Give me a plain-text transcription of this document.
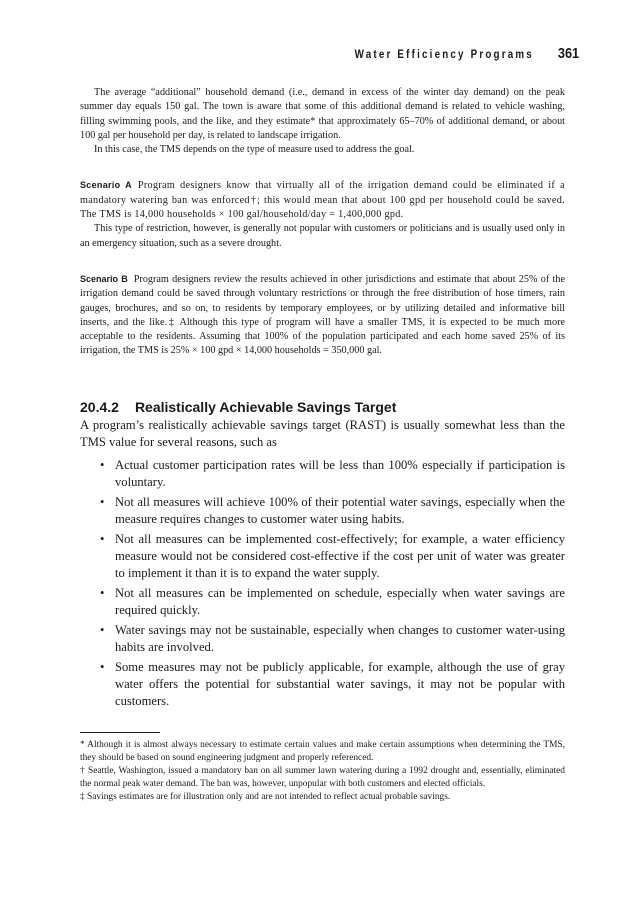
Water Efficiency Programs 361

The average “additional” household demand (i.e., demand in excess of the winter day demand) on the peak summer day equals 150 gal. The town is aware that some of this additional demand is related to vehicle washing, filling swimming pools, and the like, and they estimate* that approximately 65–70% of additional demand, or about 100 gal per household per day, is related to landscape irrigation.

In this case, the TMS depends on the type of measure used to address the goal.

Scenario A Program designers know that virtually all of the irrigation demand could be eliminated if a mandatory watering ban was enforced†; this would mean that about 100 gpd per household could be saved. The TMS is 14,000 households × 100 gal/household/day = 1,400,000 gpd.

This type of restriction, however, is generally not popular with customers or politicians and is usually used only in an emergency situation, such as a severe drought.

Scenario B Program designers review the results achieved in other jurisdictions and estimate that about 25% of the irrigation demand could be saved through voluntary restrictions or through the free distribution of hose timers, rain gauges, brochures, and so on, to residents by temporary employees, or by utilizing detailed and informative bill inserts, and the like.‡ Although this type of program will have a smaller TMS, it is expected to be much more acceptable to the residents. Assuming that 100% of the population participated and each home saved 25% of its irrigation, the TMS is 25% × 100 gpd × 14,000 households = 350,000 gal.

20.4.2 Realistically Achievable Savings Target

A program’s realistically achievable savings target (RAST) is usually somewhat less than the TMS value for several reasons, such as

• Actual customer participation rates will be less than 100% especially if participation is voluntary.
• Not all measures will achieve 100% of their potential water savings, especially when the measure requires changes to customer water using habits.
• Not all measures can be implemented cost-effectively; for example, a water efficiency measure would not be considered cost-effective if the cost per unit of water was greater to implement it than it is to expand the water supply.
• Not all measures can be implemented on schedule, especially when water savings are required quickly.
• Water savings may not be sustainable, especially when changes to customer water-using habits are involved.
• Some measures may not be publicly applicable, for example, although the use of gray water offers the potential for substantial water savings, it may not be popular with customers.

* Although it is almost always necessary to estimate certain values and make certain assumptions when determining the TMS, they should be based on sound engineering judgment and properly referenced.

† Seattle, Washington, issued a mandatory ban on all summer lawn watering during a 1992 drought and, essentially, eliminated the normal peak water demand. The ban was, however, unpopular with both customers and elected officials.

‡ Savings estimates are for illustration only and are not intended to reflect actual probable savings.
